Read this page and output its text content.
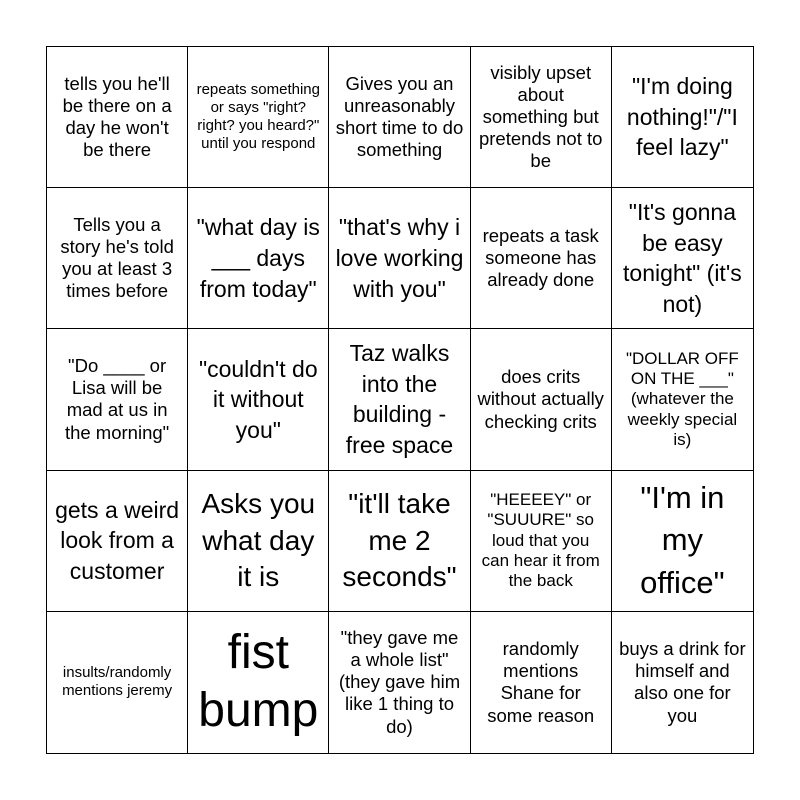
tells you he'll be there on a day he won't be there
repeats something or says "right? right? you heard?" until you respond
Gives you an unreasonably short time to do something
visibly upset about something but pretends not to be
"I'm doing nothing!"/"I feel lazy"
Tells you a story he's told you at least 3 times before
"what day is ___ days from today"
"that's why i love working with you"
repeats a task someone has already done
"It's gonna be easy tonight" (it's not)
"Do ____ or Lisa will be mad at us in the morning"
"couldn't do it without you"
Taz walks into the building - free space
does crits without actually checking crits
"DOLLAR OFF ON THE ___" (whatever the weekly special is)
gets a weird look from a customer
Asks you what day it is
"it'll take me 2 seconds"
"HEEEEY" or "SUUURE" so loud that you can hear it from the back
"I'm in my office"
insults/randomly mentions jeremy
fist bump
"they gave me a whole list" (they gave him like 1 thing to do)
randomly mentions Shane for some reason
buys a drink for himself and also one for you
